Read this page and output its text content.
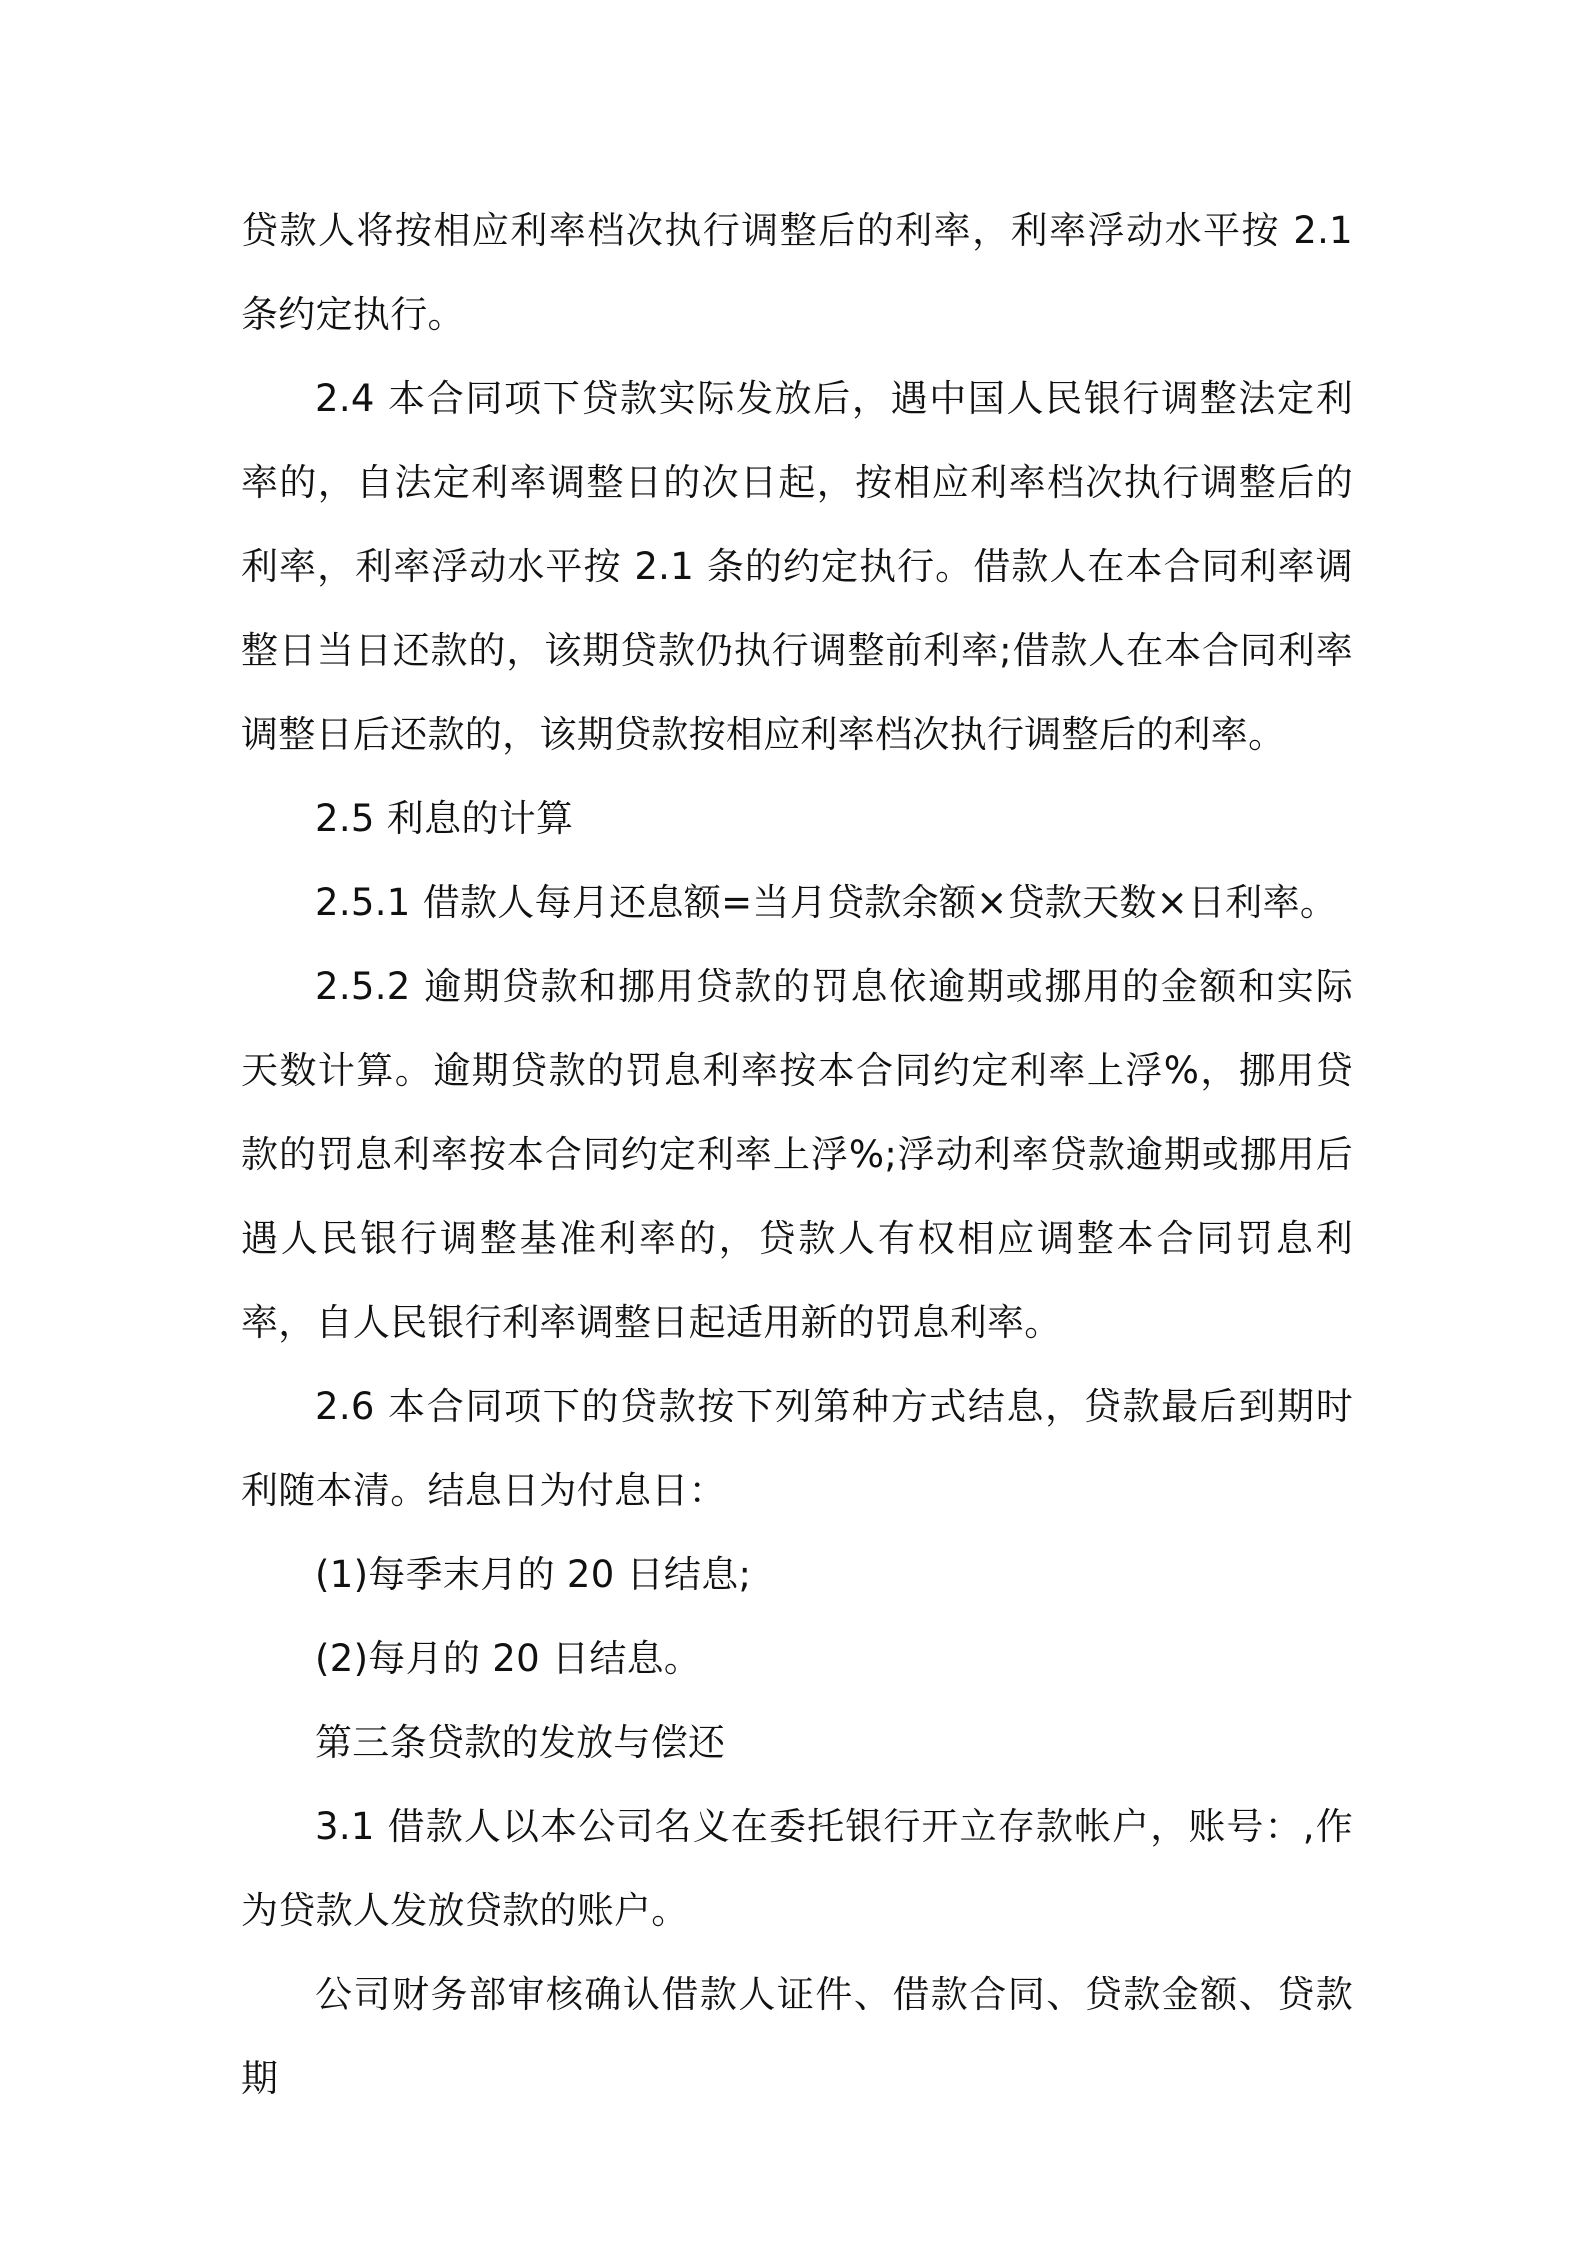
贷款人将按相应利率档次执行调整后的利率，利率浮动水平按 2.1 条约定执行。

2.4 本合同项下贷款实际发放后，遇中国人民银行调整法定利率的，自法定利率调整日的次日起，按相应利率档次执行调整后的利率，利率浮动水平按 2.1 条的约定执行。借款人在本合同利率调整日当日还款的，该期贷款仍执行调整前利率;借款人在本合同利率调整日后还款的，该期贷款按相应利率档次执行调整后的利率。

2.5 利息的计算

2.5.1 借款人每月还息额=当月贷款余额×贷款天数×日利率。

2.5.2 逾期贷款和挪用贷款的罚息依逾期或挪用的金额和实际天数计算。逾期贷款的罚息利率按本合同约定利率上浮%，挪用贷款的罚息利率按本合同约定利率上浮%;浮动利率贷款逾期或挪用后遇人民银行调整基准利率的，贷款人有权相应调整本合同罚息利率，自人民银行利率调整日起适用新的罚息利率。

2.6 本合同项下的贷款按下列第种方式结息，贷款最后到期时利随本清。结息日为付息日：

(1)每季末月的 20 日结息;

(2)每月的 20 日结息。

第三条贷款的发放与偿还

3.1 借款人以本公司名义在委托银行开立存款帐户，账号：,作为贷款人发放贷款的账户。

公司财务部审核确认借款人证件、借款合同、贷款金额、贷款期
